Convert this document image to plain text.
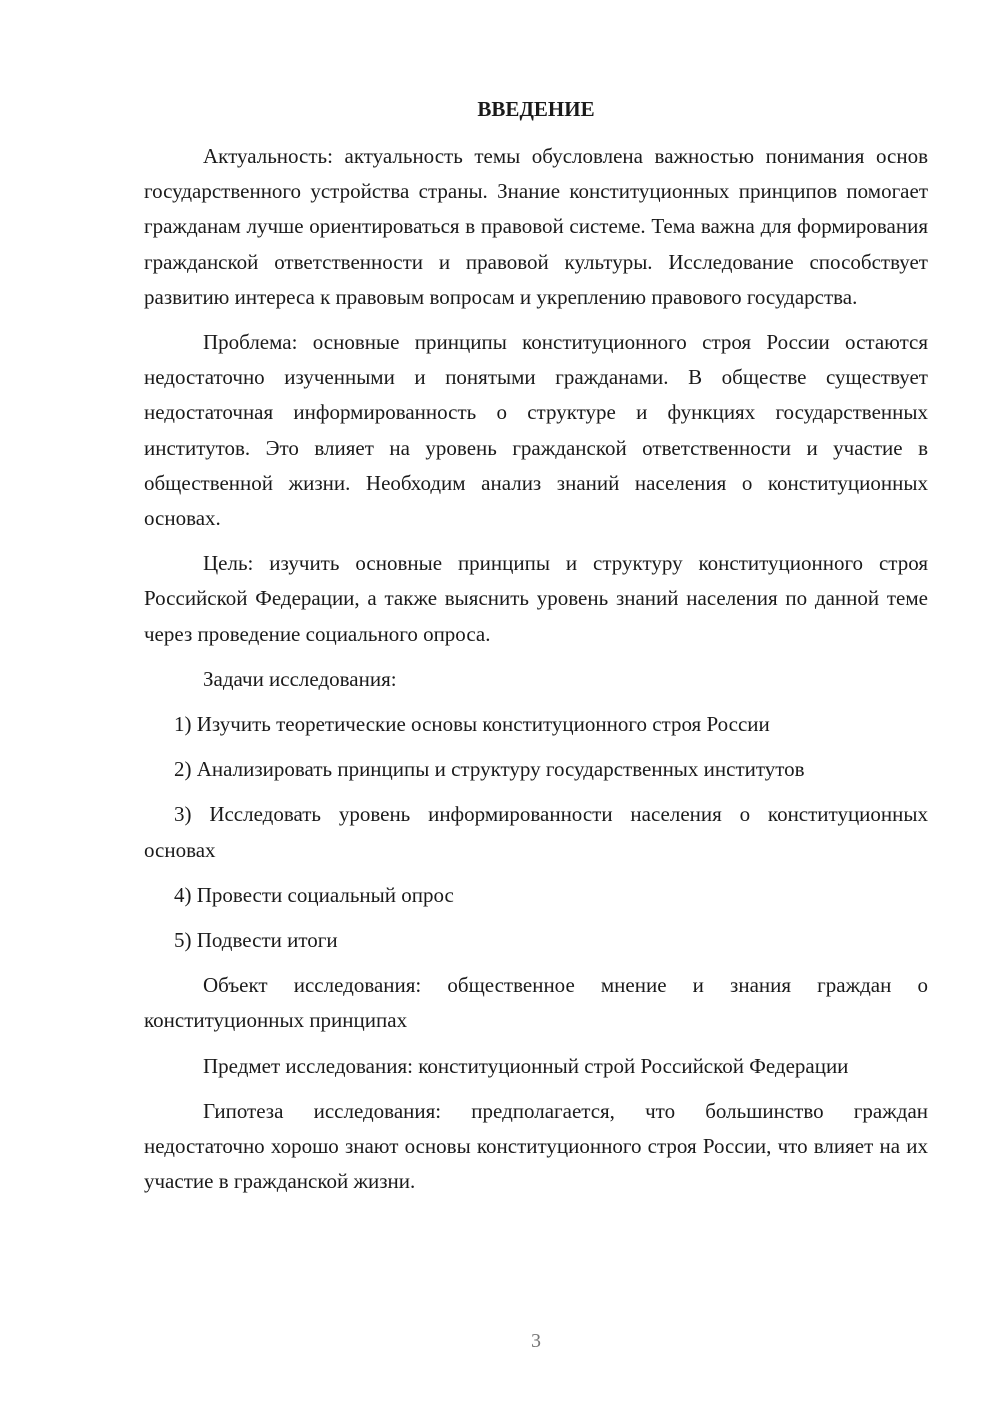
ВВЕДЕНИЕ

Актуальность: актуальность темы обусловлена важностью понимания основ государственного устройства страны. Знание конституционных принципов помогает гражданам лучше ориентироваться в правовой системе. Тема важна для формирования гражданской ответственности и правовой культуры. Исследование способствует развитию интереса к правовым вопросам и укреплению правового государства.

Проблема: основные принципы конституционного строя России остаются недостаточно изученными и понятыми гражданами. В обществе существует недостаточная информированность о структуре и функциях государственных институтов. Это влияет на уровень гражданской ответственности и участие в общественной жизни. Необходим анализ знаний населения о конституционных основах.

Цель: изучить основные принципы и структуру конституционного строя Российской Федерации, а также выяснить уровень знаний населения по данной теме через проведение социального опроса.

Задачи исследования:

1) Изучить теоретические основы конституционного строя России

2) Анализировать принципы и структуру государственных институтов

3) Исследовать уровень информированности населения о конституционных основах

4) Провести социальный опрос

5) Подвести итоги

Объект исследования: общественное мнение и знания граждан о конституционных принципах

Предмет исследования: конституционный строй Российской Федерации

Гипотеза исследования: предполагается, что большинство граждан недостаточно хорошо знают основы конституционного строя России, что влияет на их участие в гражданской жизни.

3
